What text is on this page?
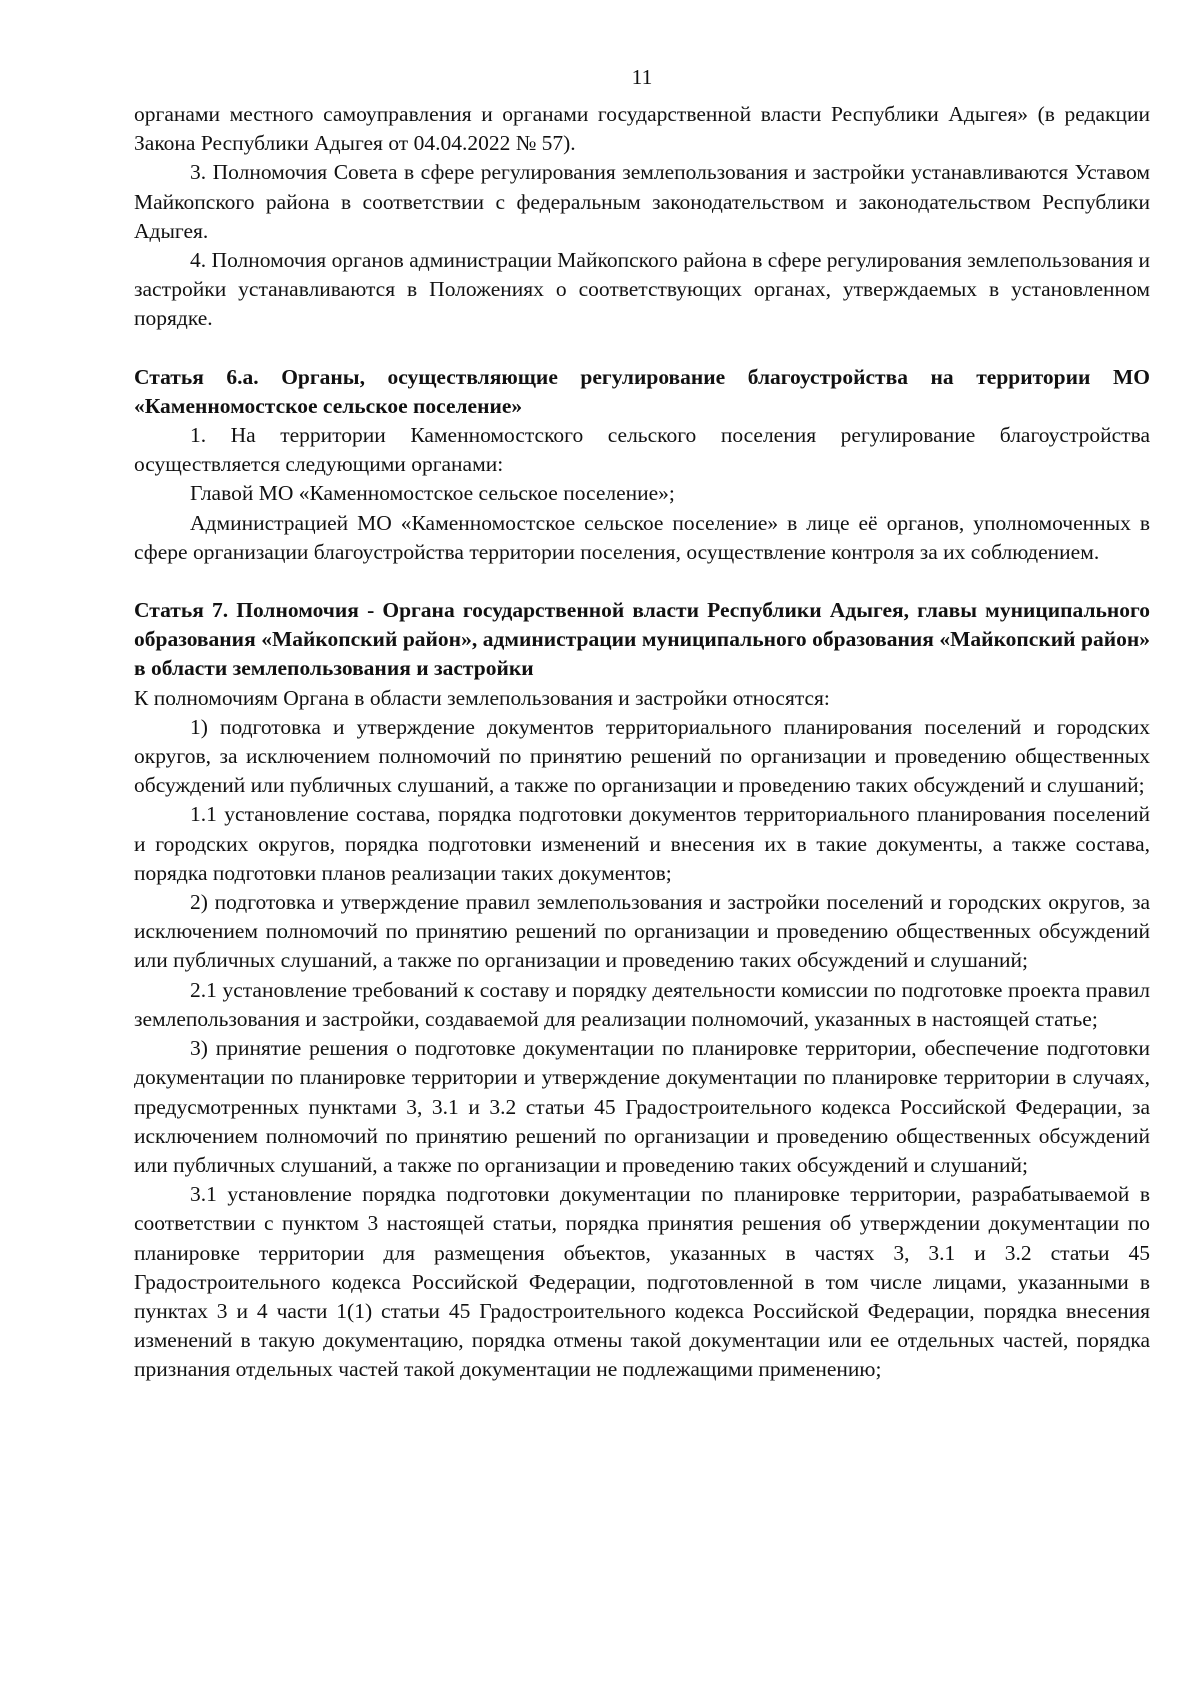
11

органами местного самоуправления и органами государственной власти Республики Адыгея» (в редакции Закона Республики Адыгея от 04.04.2022 № 57).

3. Полномочия Совета в сфере регулирования землепользования и застройки устанавливаются Уставом Майкопского района в соответствии с федеральным законодательством и законодательством Республики Адыгея.

4. Полномочия органов администрации Майкопского района в сфере регулирования землепользования и застройки устанавливаются в Положениях о соответствующих органах, утверждаемых в установленном порядке.

Статья 6.а. Органы, осуществляющие регулирование благоустройства на территории МО «Каменномостское сельское поселение»

1. На территории Каменномостского сельского поселения регулирование благоустройства осуществляется следующими органами:

Главой МО «Каменномостское сельское поселение»;

Администрацией МО «Каменномостское сельское поселение» в лице её органов, уполномоченных в сфере организации благоустройства территории поселения, осуществление контроля за их соблюдением.

Статья 7. Полномочия - Органа государственной власти Республики Адыгея, главы муниципального образования «Майкопский район», администрации муниципального образования «Майкопский район» в области землепользования и застройки

К полномочиям Органа в области землепользования и застройки относятся:

1) подготовка и утверждение документов территориального планирования поселений и городских округов, за исключением полномочий по принятию решений по организации и проведению общественных обсуждений или публичных слушаний, а также по организации и проведению таких обсуждений и слушаний;

1.1 установление состава, порядка подготовки документов территориального планирования поселений и городских округов, порядка подготовки изменений и внесения их в такие документы, а также состава, порядка подготовки планов реализации таких документов;

2) подготовка и утверждение правил землепользования и застройки поселений и городских округов, за исключением полномочий по принятию решений по организации и проведению общественных обсуждений или публичных слушаний, а также по организации и проведению таких обсуждений и слушаний;

2.1 установление требований к составу и порядку деятельности комиссии по подготовке проекта правил землепользования и застройки, создаваемой для реализации полномочий, указанных в настоящей статье;

3) принятие решения о подготовке документации по планировке территории, обеспечение подготовки документации по планировке территории и утверждение документации по планировке территории в случаях, предусмотренных пунктами 3, 3.1 и 3.2 статьи 45 Градостроительного кодекса Российской Федерации, за исключением полномочий по принятию решений по организации и проведению общественных обсуждений или публичных слушаний, а также по организации и проведению таких обсуждений и слушаний;

3.1 установление порядка подготовки документации по планировке территории, разрабатываемой в соответствии с пунктом 3 настоящей статьи, порядка принятия решения об утверждении документации по планировке территории для размещения объектов, указанных в частях 3, 3.1 и 3.2 статьи 45 Градостроительного кодекса Российской Федерации, подготовленной в том числе лицами, указанными в пунктах 3 и 4 части 1(1) статьи 45 Градостроительного кодекса Российской Федерации, порядка внесения изменений в такую документацию, порядка отмены такой документации или ее отдельных частей, порядка признания отдельных частей такой документации не подлежащими применению;
